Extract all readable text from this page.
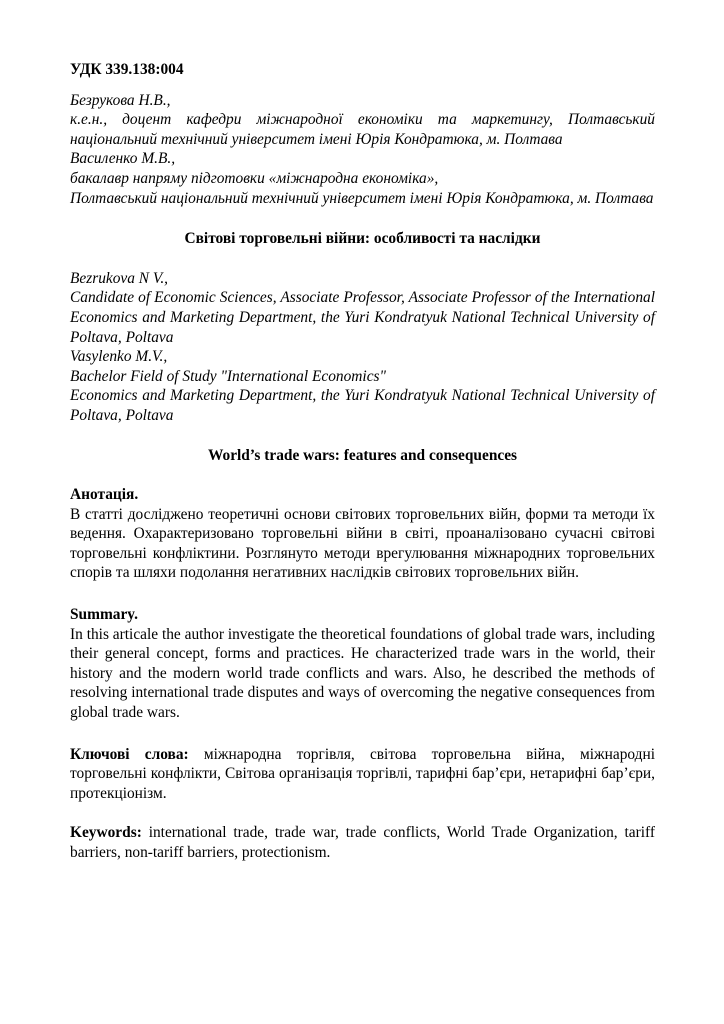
УДК 339.138:004

Безрукова Н.В.,
к.е.н., доцент кафедри міжнародної економіки та маркетингу, Полтавський національний технічний університет імені Юрія Кондратюка, м. Полтава
Василенко М.В.,
бакалавр напряму підготовки «міжнародна економіка»,
Полтавський національний технічний університет імені Юрія Кондратюка, м. Полтава
Світові торговельні війни: особливості та наслідки
Bezrukova N V.,
Candidate of Economic Sciences, Associate Professor, Associate Professor of the International Economics and Marketing Department, the Yuri Kondratyuk National Technical University of Poltava, Poltava
Vasylenko M.V.,
Bachelor Field of Study "International Economics"
Economics and Marketing Department, the Yuri Kondratyuk National Technical University of Poltava, Poltava
World’s trade wars: features and consequences

Анотація.

В статті досліджено теоретичні основи світових торговельних війн, форми та методи їх ведення. Охарактеризовано торговельні війни в світі, проаналізовано сучасні світові торговельні конфліктини. Розглянуто методи врегулювання міжнародних торговельних спорів та шляхи подолання негативних наслідків світових торговельних війн.

Summary.

In this articale the author investigate the theoretical foundations of global trade wars, including their general concept, forms and practices. He characterized trade wars in the world, their history and the modern world trade conflicts and wars. Also, he described the methods of resolving international trade disputes and ways of overcoming the negative consequences from global trade wars.

Ключові слова: міжнародна торгівля, світова торговельна війна, міжнародні торговельні конфлікти, Світова організація торгівлі, тарифні бар’єри, нетарифні бар’єри, протекціонізм.

Keywords: international trade, trade war, trade conflicts, World Trade Organization, tariff barriers, non-tariff barriers, protectionism.
